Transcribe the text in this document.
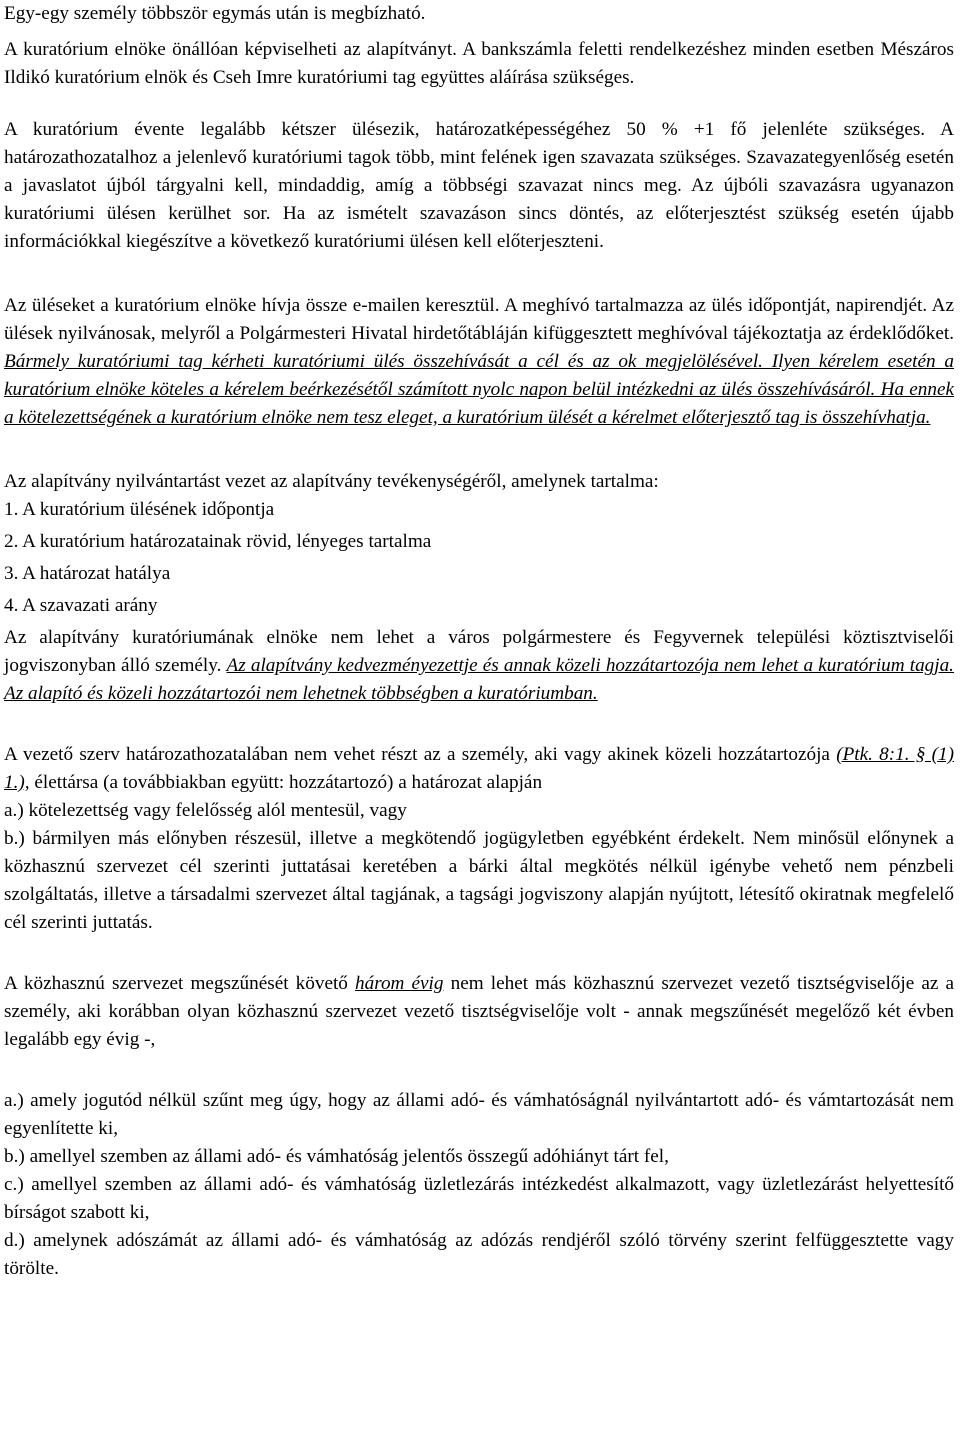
Egy-egy személy többször egymás után is megbízható.

A kuratórium elnöke önállóan képviselheti az alapítványt. A bankszámla feletti rendelkezéshez minden esetben Mészáros Ildikó kuratórium elnök és Cseh Imre kuratóriumi tag együttes aláírása szükséges.

A kuratórium évente legalább kétszer ülésezik, határozatképességéhez 50 % +1 fő jelenléte szükséges. A határozathozatalhoz a jelenlevő kuratóriumi tagok több, mint felének igen szavazata szükséges. Szavazategyenlőség esetén a javaslatot újból tárgyalni kell, mindaddig, amíg a többségi szavazat nincs meg. Az újbóli szavazásra ugyanazon kuratóriumi ülésen kerülhet sor. Ha az ismételt szavazáson sincs döntés, az előterjesztést szükség esetén újabb információkkal kiegészítve a következő kuratóriumi ülésen kell előterjeszteni.

Az üléseket a kuratórium elnöke hívja össze e-mailen keresztül. A meghívó tartalmazza az ülés időpontját, napirendjét. Az ülések nyilvánosak, melyről a Polgármesteri Hivatal hirdetőtábláján kifüggesztett meghívóval tájékoztatja az érdeklődőket. Bármely kuratóriumi tag kérheti kuratóriumi ülés összehívását a cél és az ok megjelölésével. Ilyen kérelem esetén a kuratórium elnöke köteles a kérelem beérkezésétől számított nyolc napon belül intézkedni az ülés összehívásáról. Ha ennek a kötelezettségének a kuratórium elnöke nem tesz eleget, a kuratórium ülését a kérelmet előterjesztő tag is összehívhatja.

Az alapítvány nyilvántartást vezet az alapítvány tevékenységéről, amelynek tartalma:

1. A kuratórium ülésének időpontja
2. A kuratórium határozatainak rövid, lényeges tartalma
3. A határozat hatálya
4. A szavazati arány

Az alapítvány kuratóriumának elnöke nem lehet a város polgármestere és Fegyvernek települési köztisztviselői jogviszonyban álló személy. Az alapítvány kedvezményezettje és annak közeli hozzátartozója nem lehet a kuratórium tagja. Az alapító és közeli hozzátartozói nem lehetnek többségben a kuratóriumban.

A vezető szerv határozathozatalában nem vehet részt az a személy, aki vagy akinek közeli hozzátartozója (Ptk. 8:1. § (1) 1.), élettársa (a továbbiakban együtt: hozzátartozó) a határozat alapján

a.) kötelezettség vagy felelősség alól mentesül, vagy

b.) bármilyen más előnyben részesül, illetve a megkötendő jogügyletben egyébként érdekelt. Nem minősül előnynek a közhasznú szervezet cél szerinti juttatásai keretében a bárki által megkötés nélkül igénybe vehető nem pénzbeli szolgáltatás, illetve a társadalmi szervezet által tagjának, a tagsági jogviszony alapján nyújtott, létesítő okiratnak megfelelő cél szerinti juttatás.

A közhasznú szervezet megszűnését követő három évig nem lehet más közhasznú szervezet vezető tisztségviselője az a személy, aki korábban olyan közhasznú szervezet vezető tisztségviselője volt - annak megszűnését megelőző két évben legalább egy évig -,

a.) amely jogutód nélkül szűnt meg úgy, hogy az állami adó- és vámhatóságnál nyilvántartott adó- és vámtartozását nem egyenlítette ki,

b.) amellyel szemben az állami adó- és vámhatóság jelentős összegű adóhiányt tárt fel,

c.) amellyel szemben az állami adó- és vámhatóság üzletlezárás intézkedést alkalmazott, vagy üzletlezárást helyettesítő bírságot szabott ki,

d.) amelynek adószámát az állami adó- és vámhatóság az adózás rendjéről szóló törvény szerint felfüggesztette vagy törölte.
